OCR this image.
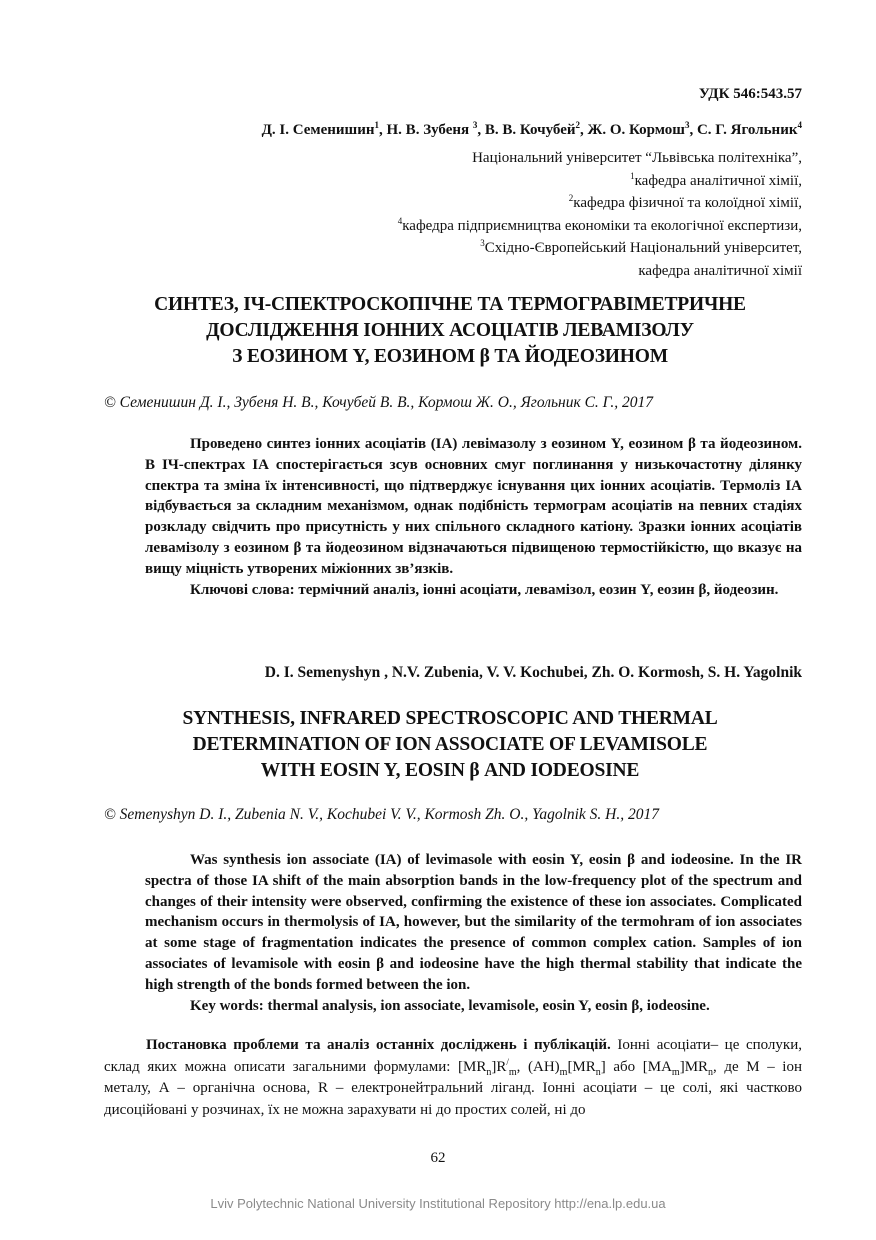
УДК 546:543.57
Д. І. Семенишин$^1$, Н. В. Зубеня $^3$, В. В. Кочубей$^2$, Ж. О. Кормош$^3$, С. Г. Ягольник$^4$
Національний університет “Львівська політехніка”,
$^1$кафедра аналітичної хімії,
$^2$кафедра фізичної та колоїдної хімії,
$^4$кафедра підприємництва економіки та екологічної експертизи,
$^3$Східно-Європейський Національний університет,
кафедра аналітичної хімії
СИНТЕЗ, ІЧ-СПЕКТРОСКОПІЧНЕ ТА ТЕРМОГРАВІМЕТРИЧНЕ
ДОСЛІДЖЕННЯ ІОННИХ АСОЦІАТІВ ЛЕВАМІЗОЛУ
З ЕОЗИНОМ Y, ЕОЗИНОМ β ТА ЙОДЕОЗИНОМ
© Семенишин Д. І., Зубеня Н. В., Кочубей В. В., Кормош Ж. О., Ягольник С. Г., 2017

Проведено синтез іонних асоціатів (ІА) левімазолу з еозином Y, еозином β та йодеозином. В ІЧ-спектрах ІА спостерігається зсув основних смуг поглинання у низькочастотну ділянку спектра та зміна їх інтенсивності, що підтверджує існування цих іонних асоціатів. Термоліз ІА відбувається за складним механізмом, однак подібність термограм асоціатів на певних стадіях розкладу свідчить про присутність у них спільного складного катіону. Зразки іонних асоціатів левамізолу з еозином β та йодеозином відзначаються підвищеною термостійкістю, що вказує на вищу міцність утворених міжіонних зв’язків.

Ключові слова: термічний аналіз, іонні асоціати, левамізол, еозин Y, еозин β, йодеозин.

D. I. Semenyshyn , N.V. Zubenia, V. V. Kochubei, Zh. O. Kormosh, S. H. Yagolnik
SYNTHESIS, INFRARED SPECTROSCOPIC AND THERMAL
DETERMINATION OF ION ASSOCIATE OF LEVAMISOLE
WITH EOSIN Y, EOSIN β AND IODEOSINE
© Semenyshyn D. I., Zubenia N. V., Kochubei V. V., Kormosh Zh. O., Yagolnik S. H., 2017

Was synthesis ion associate (IA) of levimasole with eosin Y, eosin β and iodeosine. In the IR spectra of those IA shift of the main absorption bands in the low-frequency plot of the spectrum and changes of their intensity were observed, confirming the existence of these ion associates. Complicated mechanism occurs in thermolysis of IA, however, but the similarity of the termohram of ion associates at some stage of fragmentation indicates the presence of common complex cation. Samples of ion associates of levamisole with eosin β and iodeosine have the high thermal stability that indicate the high strength of the bonds formed between the ion.

Key words: thermal analysis, ion associate, levamisole, eosin Y, eosin β, iodeosine.

Постановка проблеми та аналіз останніх досліджень і публікацій. Іонні асоціати– це сполуки, склад яких можна описати загальними формулами: $[MR_n]R^/_m$, $(AH)_m[MR_n]$ або $[MA_m]MR_n$, де М – іон металу, А – органічна основа, R – електронейтральний ліганд. Іонні асоціати – це солі, які частково дисоційовані у розчинах, їх не можна зарахувати ні до простих солей, ні до

62
Lviv Polytechnic National University Institutional Repository http://ena.lp.edu.ua
